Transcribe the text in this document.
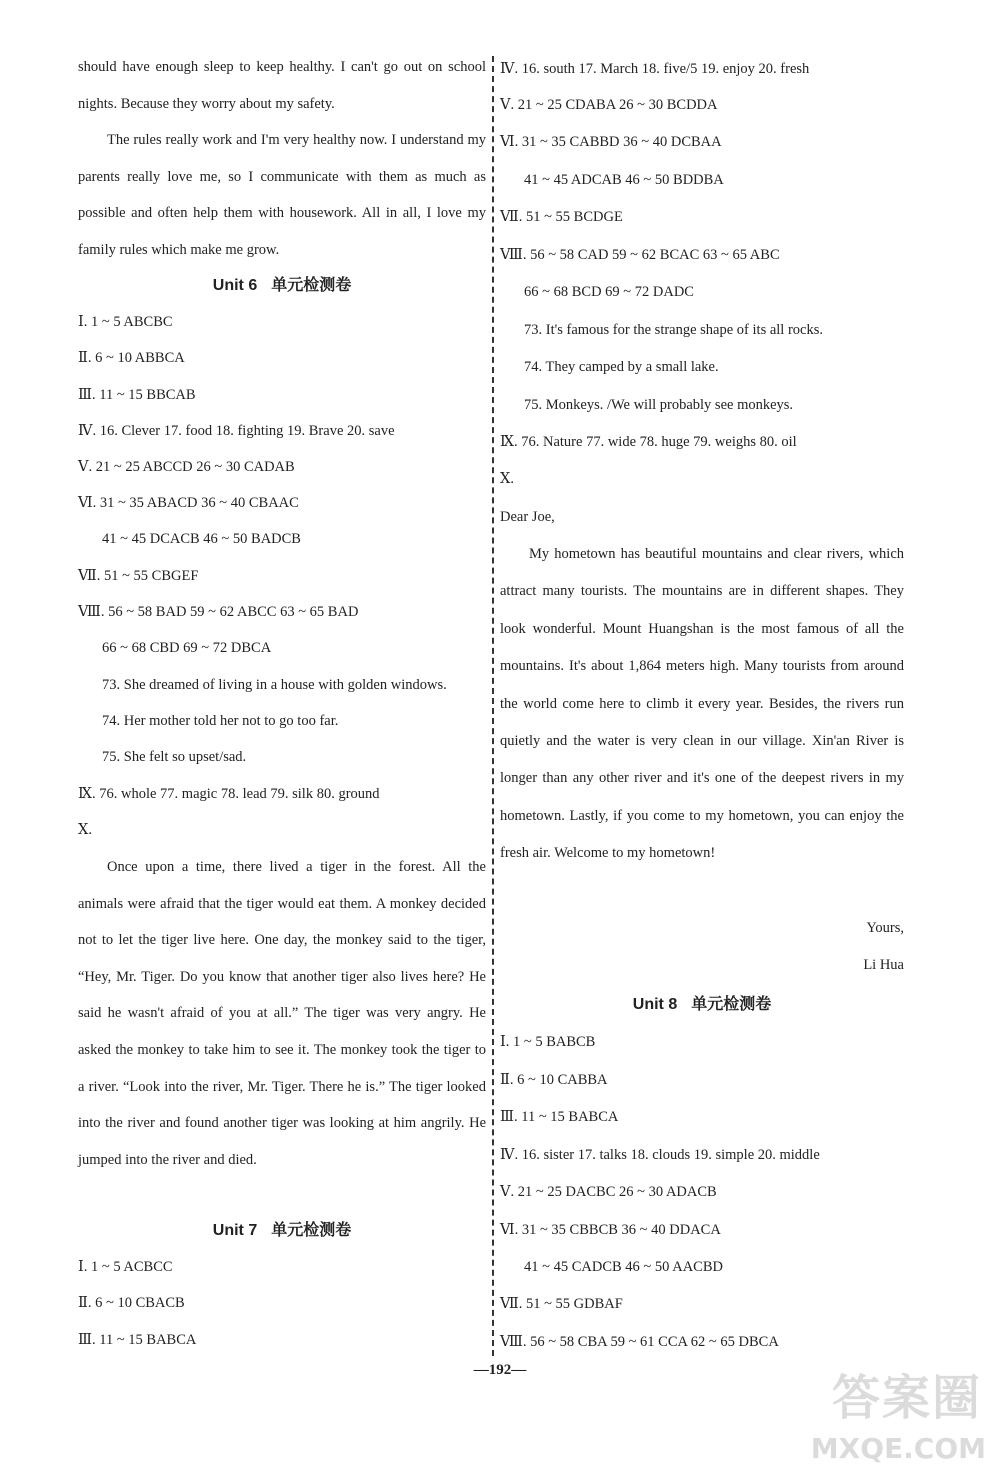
should have enough sleep to keep healthy. I can't go out on school nights. Because they worry about my safety.
The rules really work and I'm very healthy now. I understand my parents really love me, so I communicate with them as much as possible and often help them with housework. All in all, I love my family rules which make me grow.
Unit 6 单元检测卷
Ⅰ. 1 ~ 5 ABCBC
Ⅱ. 6 ~ 10 ABBCA
Ⅲ. 11 ~ 15 BBCAB
Ⅳ. 16. Clever 17. food 18. fighting 19. Brave 20. save
Ⅴ. 21 ~ 25 ABCCD 26 ~ 30 CADAB
Ⅵ. 31 ~ 35 ABACD 36 ~ 40 CBAAC
41 ~ 45 DCACB 46 ~ 50 BADCB
Ⅶ. 51 ~ 55 CBGEF
Ⅷ. 56 ~ 58 BAD 59 ~ 62 ABCC 63 ~ 65 BAD
66 ~ 68 CBD 69 ~ 72 DBCA
73. She dreamed of living in a house with golden windows.
74. Her mother told her not to go too far.
75. She felt so upset/sad.
Ⅸ. 76. whole 77. magic 78. lead 79. silk 80. ground
Ⅹ.
Once upon a time, there lived a tiger in the forest. All the animals were afraid that the tiger would eat them. A monkey decided not to let the tiger live here. One day, the monkey said to the tiger, “Hey, Mr. Tiger. Do you know that another tiger also lives here? He said he wasn't afraid of you at all.” The tiger was very angry. He asked the monkey to take him to see it. The monkey took the tiger to a river. “Look into the river, Mr. Tiger. There he is.” The tiger looked into the river and found another tiger was looking at him angrily. He jumped into the river and died.
Unit 7 单元检测卷
Ⅰ. 1 ~ 5 ACBCC
Ⅱ. 6 ~ 10 CBACB
Ⅲ. 11 ~ 15 BABCA
Ⅳ. 16. south 17. March 18. five/5 19. enjoy 20. fresh
Ⅴ. 21 ~ 25 CDABA 26 ~ 30 BCDDA
Ⅵ. 31 ~ 35 CABBD 36 ~ 40 DCBAA
41 ~ 45 ADCAB 46 ~ 50 BDDBA
Ⅶ. 51 ~ 55 BCDGE
Ⅷ. 56 ~ 58 CAD 59 ~ 62 BCAC 63 ~ 65 ABC
66 ~ 68 BCD 69 ~ 72 DADC
73. It's famous for the strange shape of its all rocks.
74. They camped by a small lake.
75. Monkeys. /We will probably see monkeys.
Ⅸ. 76. Nature 77. wide 78. huge 79. weighs 80. oil
Ⅹ.
Dear Joe,
My hometown has beautiful mountains and clear rivers, which attract many tourists. The mountains are in different shapes. They look wonderful. Mount Huangshan is the most famous of all the mountains. It's about 1,864 meters high. Many tourists from around the world come here to climb it every year. Besides, the rivers run quietly and the water is very clean in our village. Xin'an River is longer than any other river and it's one of the deepest rivers in my hometown. Lastly, if you come to my hometown, you can enjoy the fresh air. Welcome to my hometown!
Yours,
Li Hua
Unit 8 单元检测卷
Ⅰ. 1 ~ 5 BABCB
Ⅱ. 6 ~ 10 CABBA
Ⅲ. 11 ~ 15 BABCA
Ⅳ. 16. sister 17. talks 18. clouds 19. simple 20. middle
Ⅴ. 21 ~ 25 DACBC 26 ~ 30 ADACB
Ⅵ. 31 ~ 35 CBBCB 36 ~ 40 DDACA
41 ~ 45 CADCB 46 ~ 50 AACBD
Ⅶ. 51 ~ 55 GDBAF
Ⅷ. 56 ~ 58 CBA 59 ~ 61 CCA 62 ~ 65 DBCA
—192—	答案圈
MXQE.COM
